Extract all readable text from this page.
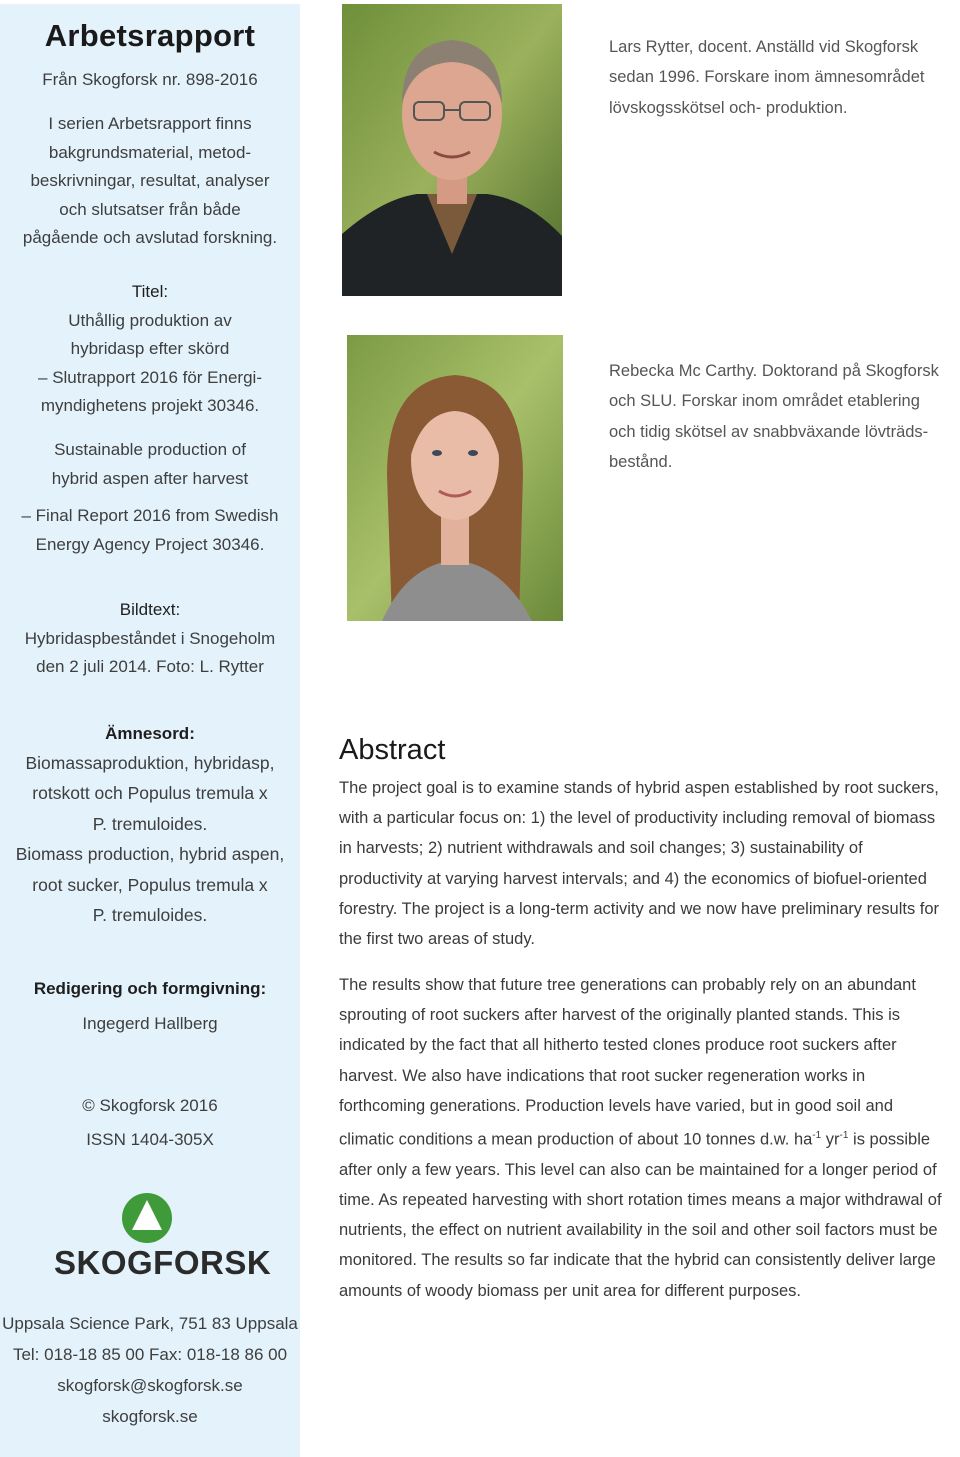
Arbetsrapport
Från Skogforsk nr. 898-2016
I serien Arbetsrapport finns
bakgrundsmaterial, metod-
beskrivningar, resultat, analyser
och slutsatser från både
pågående och avslutad forskning.
Titel:
Uthållig produktion av
hybridasp efter skörd
– Slutrapport 2016 för Energi-
myndighetens projekt 30346.
Sustainable production of
hybrid aspen after harvest
– Final Report 2016 from Swedish
Energy Agency Project 30346.
Bildtext:
Hybridaspbeståndet i Snogeholm
den 2 juli 2014. Foto: L. Rytter
Ämnesord:
Biomassaproduktion, hybridasp,
rotskott och Populus tremula x
P. tremuloides.
Biomass production, hybrid aspen,
root sucker, Populus tremula x
P. tremuloides.
Redigering och formgivning:
Ingegerd Hallberg
© Skogforsk 2016
ISSN 1404-305X
SKOGFORSK
Uppsala Science Park, 751 83 Uppsala
Tel: 018-18 85 00 Fax: 018-18 86 00
skogforsk@skogforsk.se
skogforsk.se
Lars Rytter, docent. Anställd vid Skogforsk
sedan 1996. Forskare inom ämnesområdet
lövskogsskötsel och- produktion.
Rebecka Mc Carthy. Doktorand på Skogforsk
och SLU. Forskar inom området etablering
och tidig skötsel av snabbväxande lövträds-
bestånd.
Abstract
The project goal is to examine stands of hybrid aspen established by root suckers,
with a particular focus on: 1) the level of productivity including removal of biomass
in harvests; 2) nutrient withdrawals and soil changes; 3) sustainability of
productivity at varying harvest intervals; and 4) the economics of biofuel-oriented
forestry. The project is a long-term activity and we now have preliminary results for
the first two areas of study.
The results show that future tree generations can probably rely on an abundant
sprouting of root suckers after harvest of the originally planted stands. This is
indicated by the fact that all hitherto tested clones produce root suckers after
harvest. We also have indications that root sucker regeneration works in
forthcoming generations. Production levels have varied, but in good soil and
climatic conditions a mean production of about 10 tonnes d.w. $ha^{-1}$ $yr^{-1}$ is possible
after only a few years. This level can also can be maintained for a longer period of
time. As repeated harvesting with short rotation times means a major withdrawal of
nutrients, the effect on nutrient availability in the soil and other soil factors must be
monitored. The results so far indicate that the hybrid can consistently deliver large
amounts of woody biomass per unit area for different purposes.
